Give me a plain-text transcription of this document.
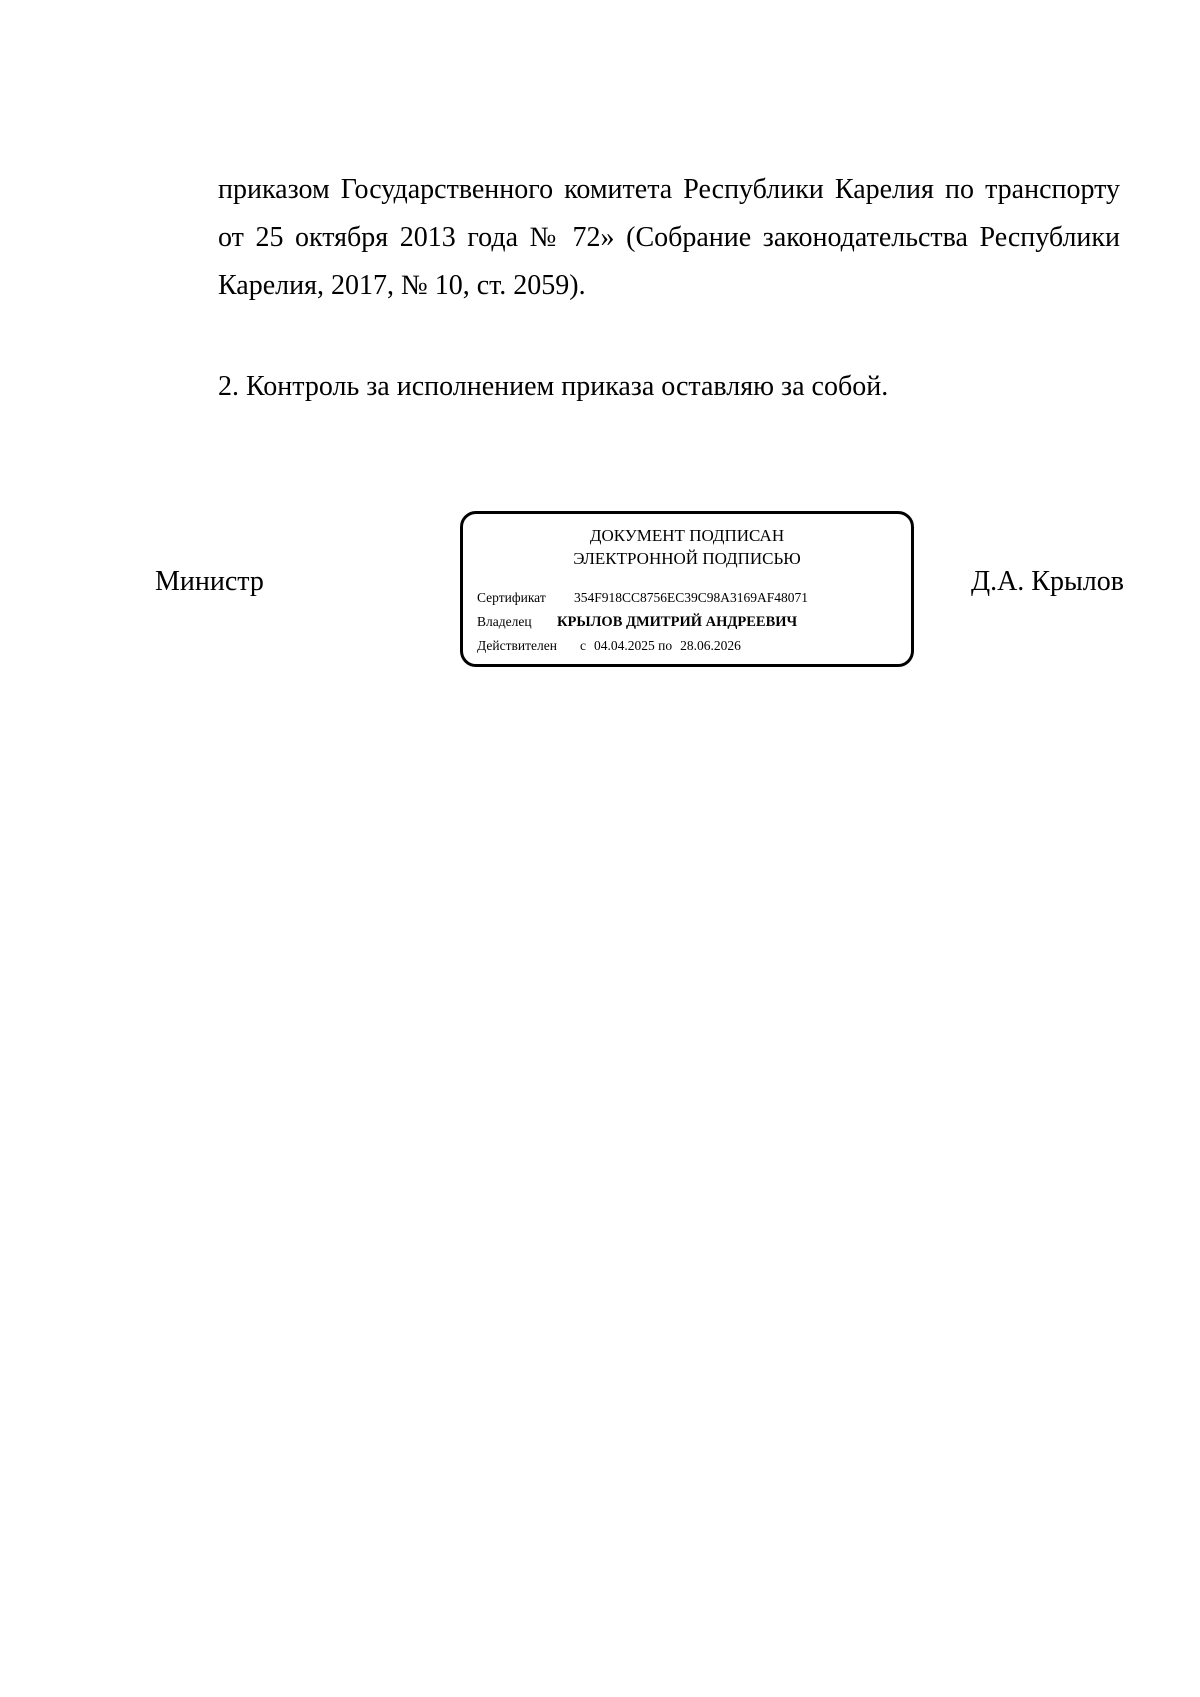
приказом Государственного комитета Республики Карелия по транспорту от 25 октября 2013 года № 72» (Собрание законодательства Республики Карелия, 2017, № 10, ст. 2059).

2. Контроль за исполнением приказа оставляю за собой.

Министр
ДОКУМЕНТ ПОДПИСАН
ЭЛЕКТРОННОЙ ПОДПИСЬЮ
Сертификат 354F918CC8756EC39C98A3169AF48071
Владелец КРЫЛОВ ДМИТРИЙ АНДРЕЕВИЧ
Действителен с 04.04.2025 по 28.06.2026
Д.А. Крылов
